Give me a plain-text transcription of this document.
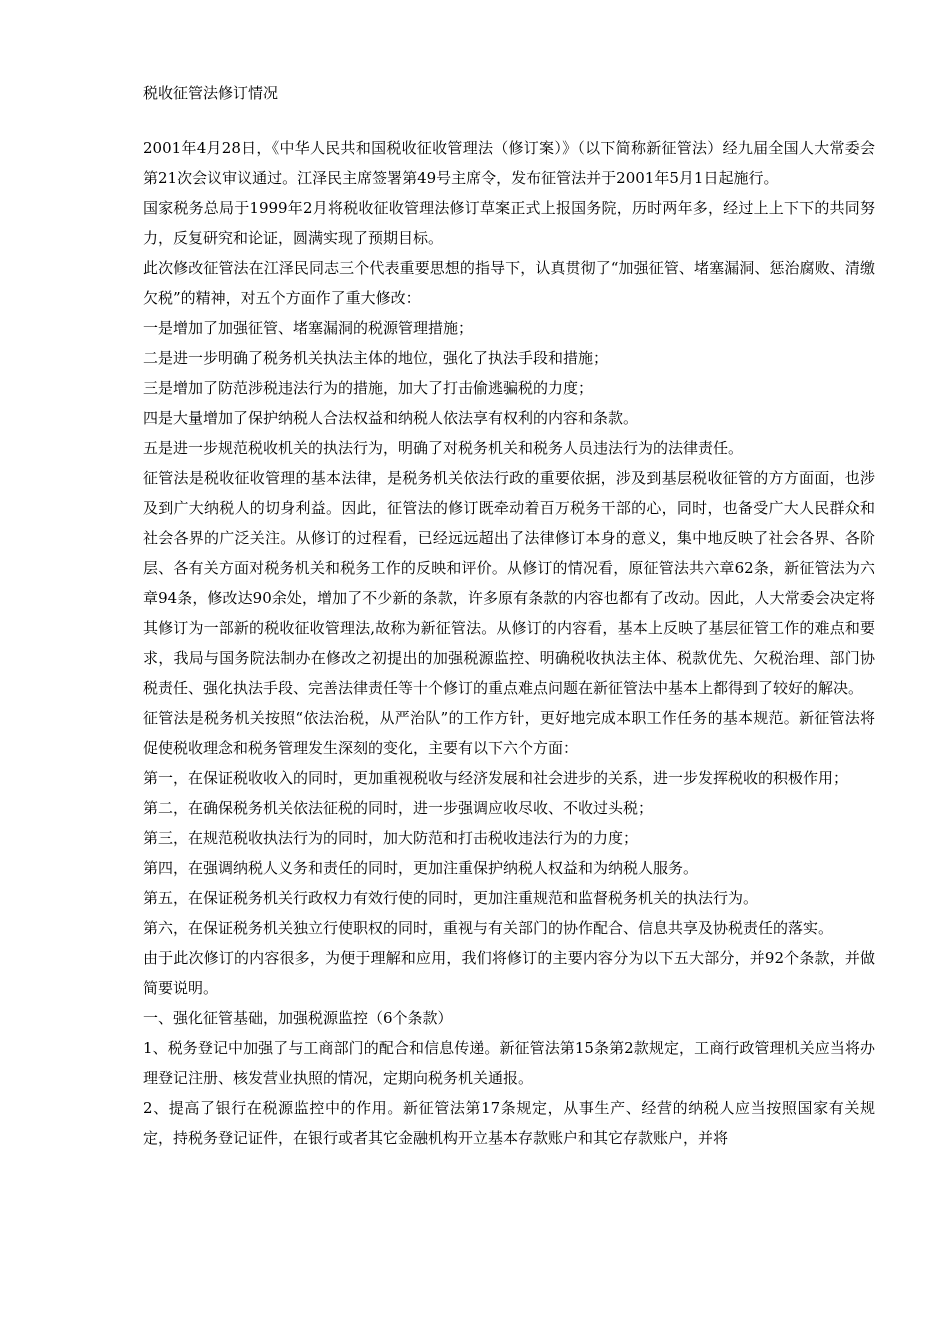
税收征管法修订情况

2001年4月28日，《中华人民共和国税收征收管理法（修订案）》（以下简称新征管法）经九届全国人大常委会第21次会议审议通过。江泽民主席签署第49号主席令，发布征管法并于2001年5月1日起施行。

国家税务总局于1999年2月将税收征收管理法修订草案正式上报国务院，历时两年多，经过上上下下的共同努力，反复研究和论证，圆满实现了预期目标。

此次修改征管法在江泽民同志三个代表重要思想的指导下，认真贯彻了“加强征管、堵塞漏洞、惩治腐败、清缴欠税”的精神，对五个方面作了重大修改：

一是增加了加强征管、堵塞漏洞的税源管理措施；

二是进一步明确了税务机关执法主体的地位，强化了执法手段和措施；

三是增加了防范涉税违法行为的措施，加大了打击偷逃骗税的力度；

四是大量增加了保护纳税人合法权益和纳税人依法享有权利的内容和条款。

五是进一步规范税收机关的执法行为，明确了对税务机关和税务人员违法行为的法律责任。

征管法是税收征收管理的基本法律，是税务机关依法行政的重要依据，涉及到基层税收征管的方方面面，也涉及到广大纳税人的切身利益。因此，征管法的修订既牵动着百万税务干部的心，同时，也备受广大人民群众和社会各界的广泛关注。从修订的过程看，已经远远超出了法律修订本身的意义，集中地反映了社会各界、各阶层、各有关方面对税务机关和税务工作的反映和评价。从修订的情况看，原征管法共六章62条，新征管法为六章94条，修改达90余处，增加了不少新的条款，许多原有条款的内容也都有了改动。因此，人大常委会决定将其修订为一部新的税收征收管理法,故称为新征管法。从修订的内容看，基本上反映了基层征管工作的难点和要求，我局与国务院法制办在修改之初提出的加强税源监控、明确税收执法主体、税款优先、欠税治理、部门协税责任、强化执法手段、完善法律责任等十个修订的重点难点问题在新征管法中基本上都得到了较好的解决。

征管法是税务机关按照“依法治税，从严治队”的工作方针，更好地完成本职工作任务的基本规范。新征管法将促使税收理念和税务管理发生深刻的变化，主要有以下六个方面：

第一，在保证税收收入的同时，更加重视税收与经济发展和社会进步的关系，进一步发挥税收的积极作用；

第二，在确保税务机关依法征税的同时，进一步强调应收尽收、不收过头税；

第三，在规范税收执法行为的同时，加大防范和打击税收违法行为的力度；

第四，在强调纳税人义务和责任的同时，更加注重保护纳税人权益和为纳税人服务。

第五，在保证税务机关行政权力有效行使的同时，更加注重规范和监督税务机关的执法行为。

第六，在保证税务机关独立行使职权的同时，重视与有关部门的协作配合、信息共享及协税责任的落实。

由于此次修订的内容很多，为便于理解和应用，我们将修订的主要内容分为以下五大部分，并92个条款，并做简要说明。

一、强化征管基础，加强税源监控（6个条款）

1、税务登记中加强了与工商部门的配合和信息传递。新征管法第15条第2款规定，工商行政管理机关应当将办理登记注册、核发营业执照的情况，定期向税务机关通报。

2、提高了银行在税源监控中的作用。新征管法第17条规定，从事生产、经营的纳税人应当按照国家有关规定，持税务登记证件，在银行或者其它金融机构开立基本存款账户和其它存款账户，并将
